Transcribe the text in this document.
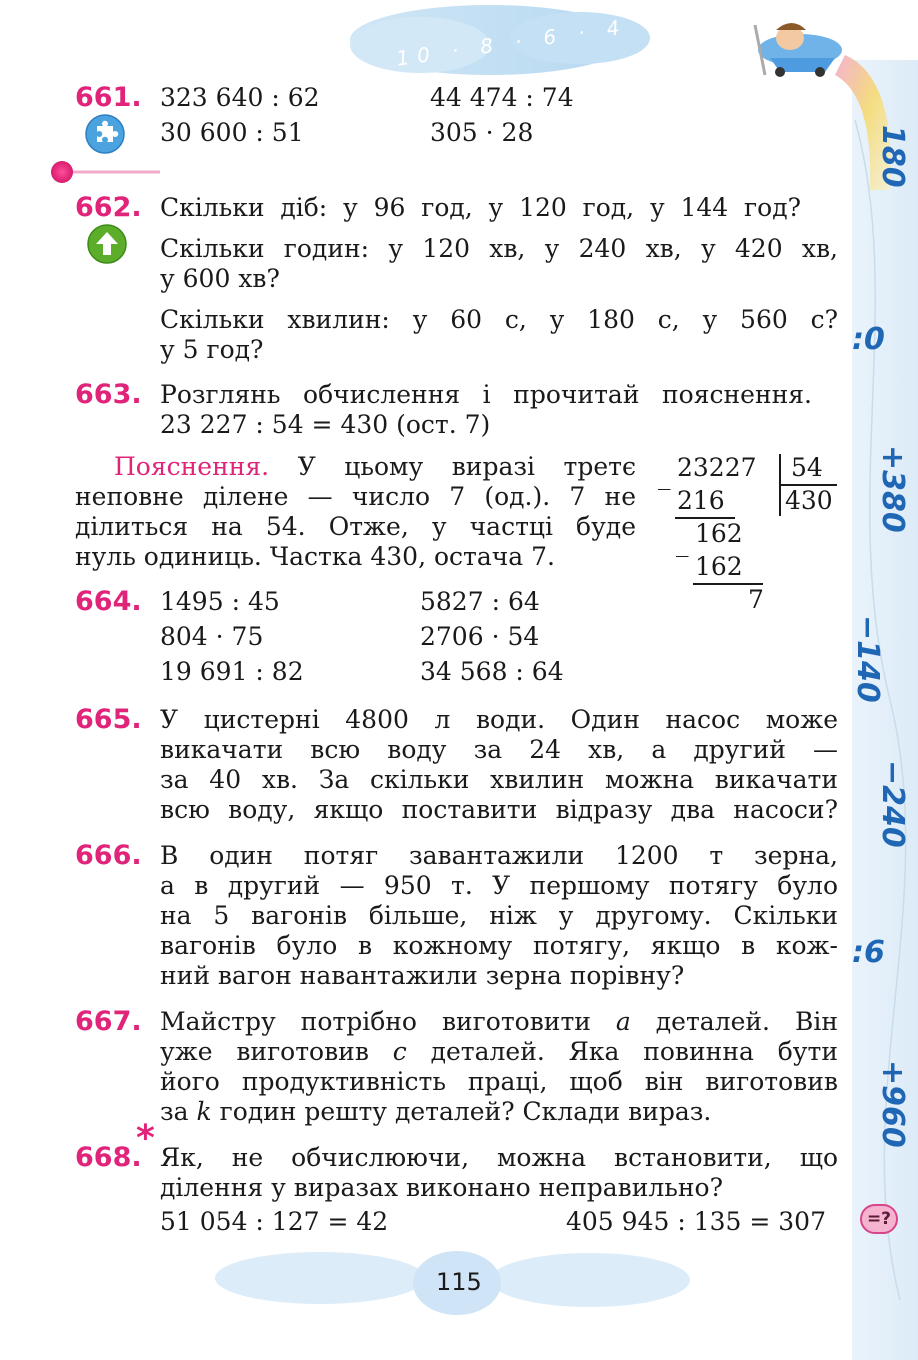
10 · 8 · 6 · 4 · 2 ·
180
:0
+380
−140
−240
:6
+960
661. 323 640 : 62	44 474 : 74
30 600 : 51	305 · 28
662. Скільки діб: у 96 год, у 120 год, у 144 год?
Скільки годин: у 120 хв, у 240 хв, у 420 хв,
у 600 хв?
Скільки хвилин: у 60 с, у 180 с, у 560 с?
у 5 год?
663. Розглянь обчислення і прочитай пояснення.
23 227 : 54 = 430 (ост. 7)
Пояснення. У цьому виразі третє
неповне ділене — число 7 (од.). 7 не
ділиться на 54. Отже, у частці буде
нуль одиниць. Частка 430, остача 7.
_ 23227 54
430
216
_ 162
162
7
664. 1495 : 45	5827 : 64
804 · 75	2706 · 54
19 691 : 82	34 568 : 64
665. У цистерні 4800 л води. Один насос може
викачати всю воду за 24 хв, а другий —
за 40 хв. За скільки хвилин можна викачати
всю воду, якщо поставити відразу два насоси?
666. В один потяг завантажили 1200 т зерна,
а в другий — 950 т. У першому потягу було
на 5 вагонів більше, ніж у другому. Скільки
вагонів було в кожному потягу, якщо в кож-
ний вагон навантажили зерна порівну?
667. Майстру потрібно виготовити а деталей. Він
уже виготовив с деталей. Яка повинна бути
його продуктивність праці, щоб він виготовив
за k годин решту деталей? Склади вираз.
668.
* Як, не обчислюючи, можна встановити, що
ділення у виразах виконано неправильно?
51 054 : 127 = 42	405 945 : 135 = 307	=?
115
